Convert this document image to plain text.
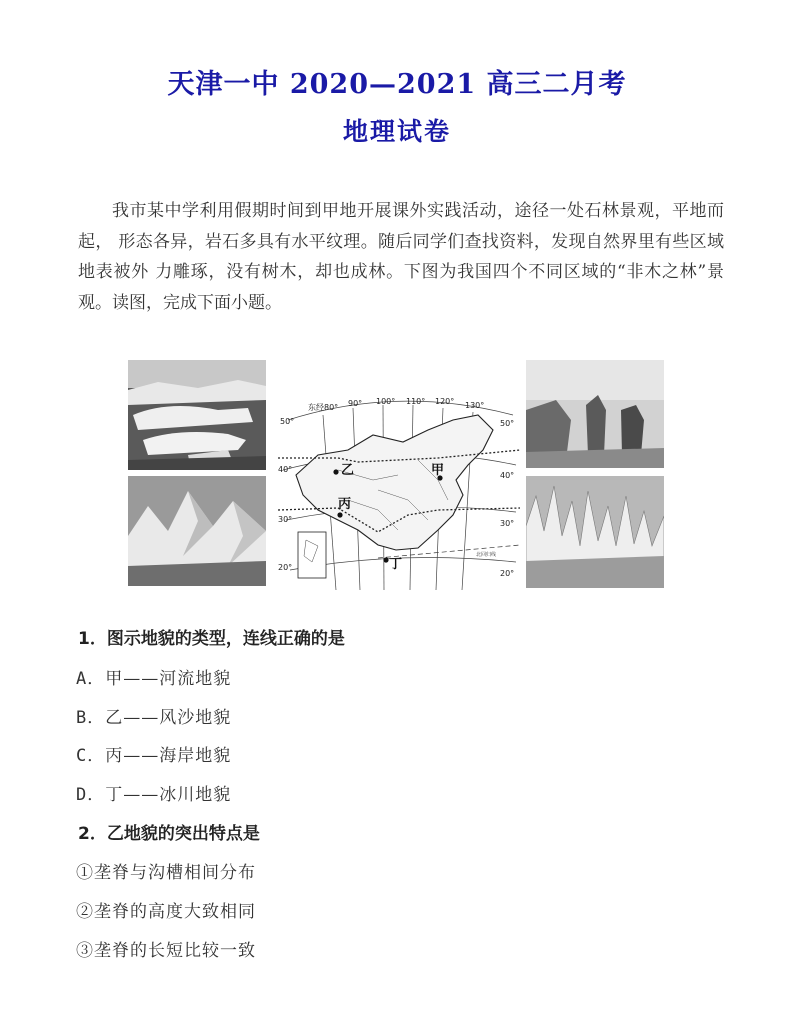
天津一中 2020—2021 高三二月考
地理试卷

我市某中学利用假期时间到甲地开展课外实践活动，途径一处石林景观，平地而起， 形态各异，岩石多具有水平纹理。随后同学们查找资料，发现自然界里有些区域地表被外 力雕琢，没有树木，却也成林。下图为我国四个不同区域的“非木之林”景观。读图，完成下面小题。

东经80° 90° 100° 110° 120° 130°
50°
40°
30°
20°
50°
40°
30°
20°
北回归线
甲
乙
丙
丁
1．图示地貌的类型，连线正确的是
A．甲——河流地貌
B．乙——风沙地貌
C．丙——海岸地貌
D．丁——冰川地貌
2．乙地貌的突出特点是
①垄脊与沟槽相间分布
②垄脊的高度大致相同
③垄脊的长短比较一致
